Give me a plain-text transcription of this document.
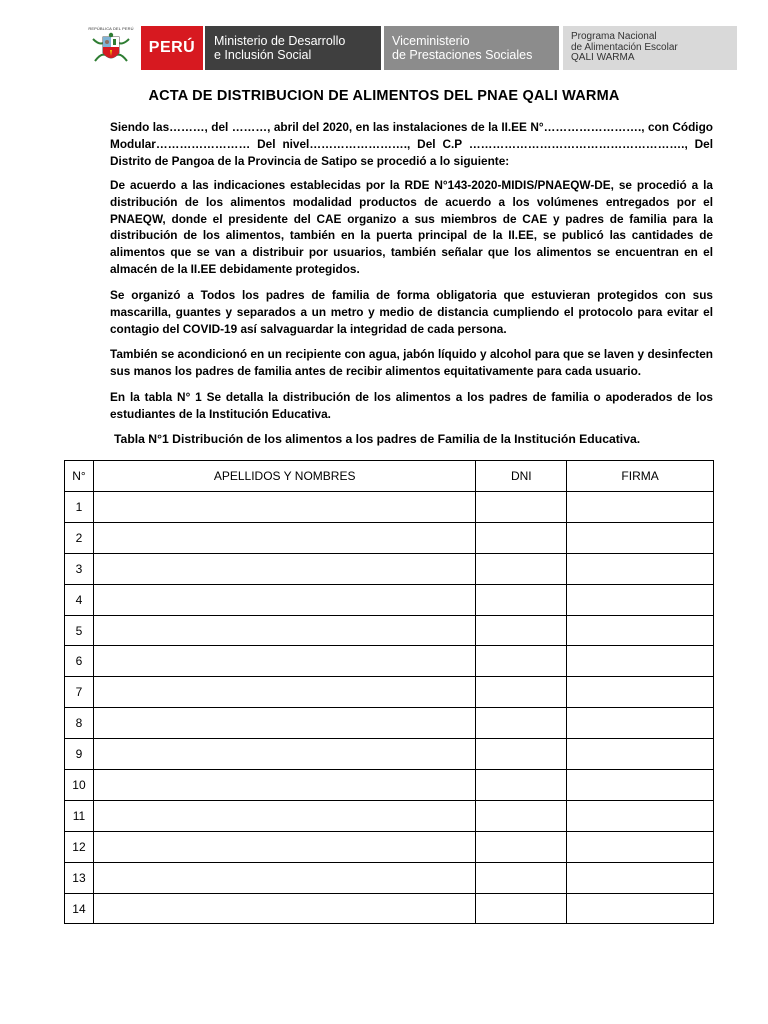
REPÚBLICA DEL PERÚ
PERÚ Ministerio de Desarrollo
e Inclusión Social
Viceministerio
de Prestaciones Sociales
Programa Nacional
de Alimentación Escolar
QALI WARMA
ACTA DE DISTRIBUCION DE ALIMENTOS DEL PNAE QALI WARMA

Siendo las………, del ………, abril del 2020, en las instalaciones de la II.EE N°……………………., con Código Modular…………………… Del nivel……………………., Del C.P ………………………………………………., Del Distrito de Pangoa de la Provincia de Satipo se procedió a lo siguiente:

De acuerdo a las indicaciones establecidas por la RDE N°143-2020-MIDIS/PNAEQW-DE, se procedió a la distribución de los alimentos modalidad productos de acuerdo a los volúmenes entregados por el PNAEQW, donde el presidente del CAE organizo a sus miembros de CAE y padres de familia para la distribución de los alimentos, también en la puerta principal de la II.EE, se publicó las cantidades de alimentos que se van a distribuir por usuarios, también señalar que los alimentos se encuentran en el almacén de la II.EE debidamente protegidos.

Se organizó a Todos los padres de familia de forma obligatoria que estuvieran protegidos con sus mascarilla, guantes y separados a un metro y medio de distancia cumpliendo el protocolo para evitar el contagio del COVID-19 así salvaguardar la integridad de cada persona.

También se acondicionó en un recipiente con agua, jabón líquido y alcohol para que se laven y desinfecten sus manos los padres de familia antes de recibir alimentos equitativamente para cada usuario.

En la tabla N° 1 Se detalla la distribución de los alimentos a los padres de familia o apoderados de los estudiantes de la Institución Educativa.

Tabla N°1 Distribución de los alimentos a los padres de Familia de la Institución Educativa.
N°	APELLIDOS Y NOMBRES	DNI	FIRMA
1			
2			
3			
4			
5			
6			
7			
8			
9			
10			
11			
12			
13			
14			
